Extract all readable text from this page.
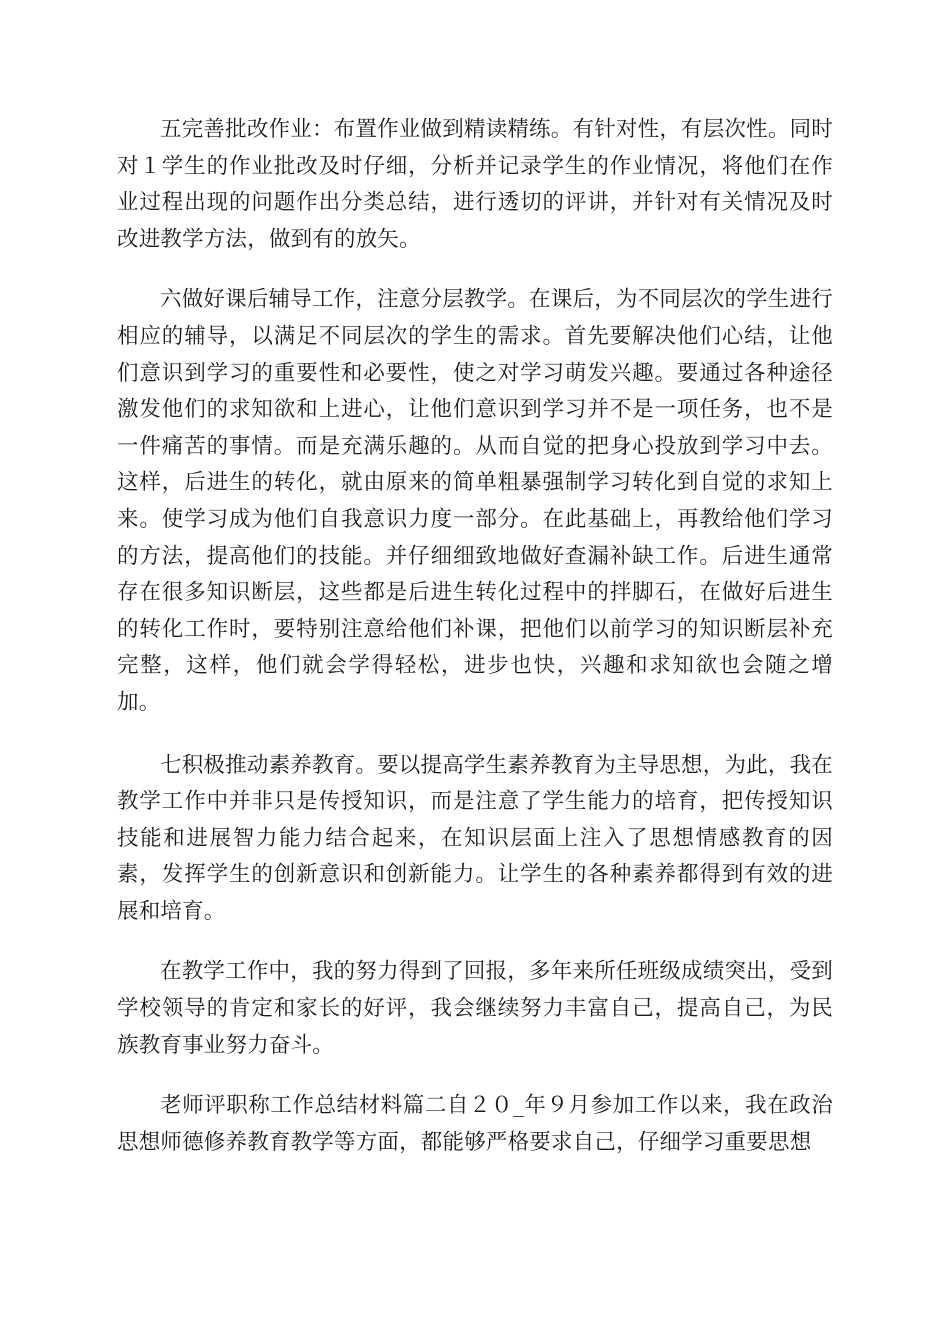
五完善批改作业：布置作业做到精读精练。有针对性，有层次性。同时对１学生的作业批改及时仔细，分析并记录学生的作业情况，将他们在作业过程出现的问题作出分类总结，进行透切的评讲，并针对有关情况及时改进教学方法，做到有的放矢。

六做好课后辅导工作，注意分层教学。在课后，为不同层次的学生进行相应的辅导，以满足不同层次的学生的需求。首先要解决他们心结，让他们意识到学习的重要性和必要性，使之对学习萌发兴趣。要通过各种途径激发他们的求知欲和上进心，让他们意识到学习并不是一项任务，也不是一件痛苦的事情。而是充满乐趣的。从而自觉的把身心投放到学习中去。这样，后进生的转化，就由原来的简单粗暴强制学习转化到自觉的求知上来。使学习成为他们自我意识力度一部分。在此基础上，再教给他们学习的方法，提高他们的技能。并仔细细致地做好查漏补缺工作。后进生通常存在很多知识断层，这些都是后进生转化过程中的拌脚石，在做好后进生的转化工作时，要特别注意给他们补课，把他们以前学习的知识断层补充完整，这样，他们就会学得轻松，进步也快，兴趣和求知欲也会随之增加。

七积极推动素养教育。要以提高学生素养教育为主导思想，为此，我在教学工作中并非只是传授知识，而是注意了学生能力的培育，把传授知识技能和进展智力能力结合起来，在知识层面上注入了思想情感教育的因素，发挥学生的创新意识和创新能力。让学生的各种素养都得到有效的进展和培育。

在教学工作中，我的努力得到了回报，多年来所任班级成绩突出，受到学校领导的肯定和家长的好评，我会继续努力丰富自己，提高自己，为民族教育事业努力奋斗。

老师评职称工作总结材料篇二自２０_年９月参加工作以来，我在政治思想师德修养教育教学等方面，都能够严格要求自己，仔细学习重要思想
